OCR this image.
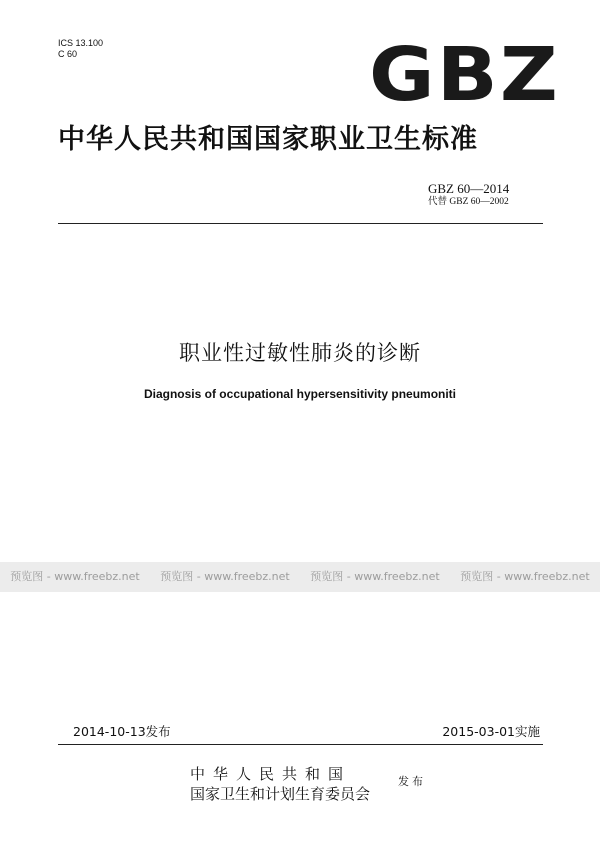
ICS 13.100
C 60	GBZ
中华人民共和国国家职业卫生标准
GBZ 60—2014
代替 GBZ 60—2002
职业性过敏性肺炎的诊断
Diagnosis of occupational hypersensitivity pneumoniti
预览图 - www.freebz.net 预览图 - www.freebz.net 预览图 - www.freebz.net 预览图 - www.freebz.net
2014-10-13发布	2015-03-01实施
中华人民共和国
国家卫生和计划生育委员会
发布
